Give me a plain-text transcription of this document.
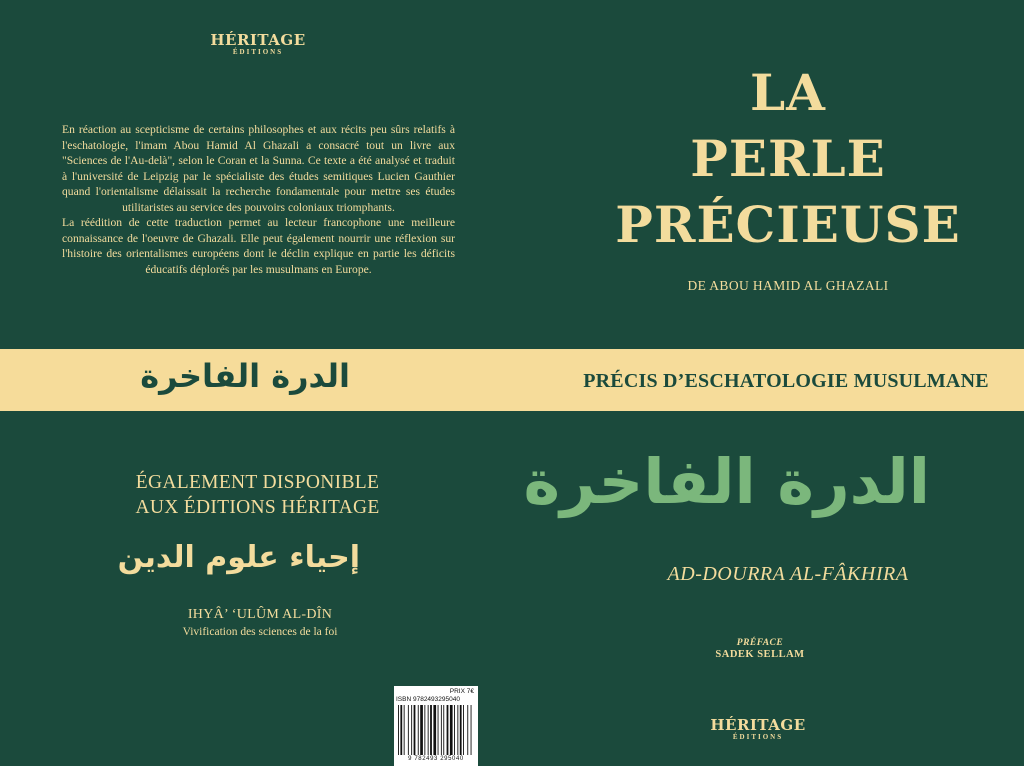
HÉRITAGE
ÉDITIONS

En réaction au scepticisme de certains philosophes et aux récits peu sûrs relatifs à l'eschatologie, l'imam Abou Hamid Al Ghazali a consacré tout un livre aux "Sciences de l'Au-delà", selon le Coran et la Sunna. Ce texte a été analysé et traduit à l'université de Leipzig par le spécialiste des études semitiques Lucien Gauthier quand l'orientalisme délaissait la recherche fondamentale pour mettre ses études utilitaristes au service des pouvoirs coloniaux triomphants.

La réédition de cette traduction permet au lecteur francophone une meilleure connaissance de l'oeuvre de Ghazali. Elle peut également nourrir une réflexion sur l'histoire des orientalismes européens dont le déclin explique en partie les déficits éducatifs déplorés par les musulmans en Europe.

LA
PERLE
PRÉCIEUSE
DE ABOU HAMID AL GHAZALI
الدرة الفاخرة	PRÉCIS D’ESCHATOLOGIE MUSULMANE
الدرة الفاخرة
AD-DOURRA AL-FÂKHIRA
PRÉFACE
SADEK SELLAM
HÉRITAGE
ÉDITIONS
ÉGALEMENT DISPONIBLE
AUX ÉDITIONS HÉRITAGE
إحياء علوم الدين
IHYÂ’ ‘ULÛM AL-DÎN
Vivification des sciences de la foi
PRIX 7€
ISBN 9782493295040
9 782493 295040
